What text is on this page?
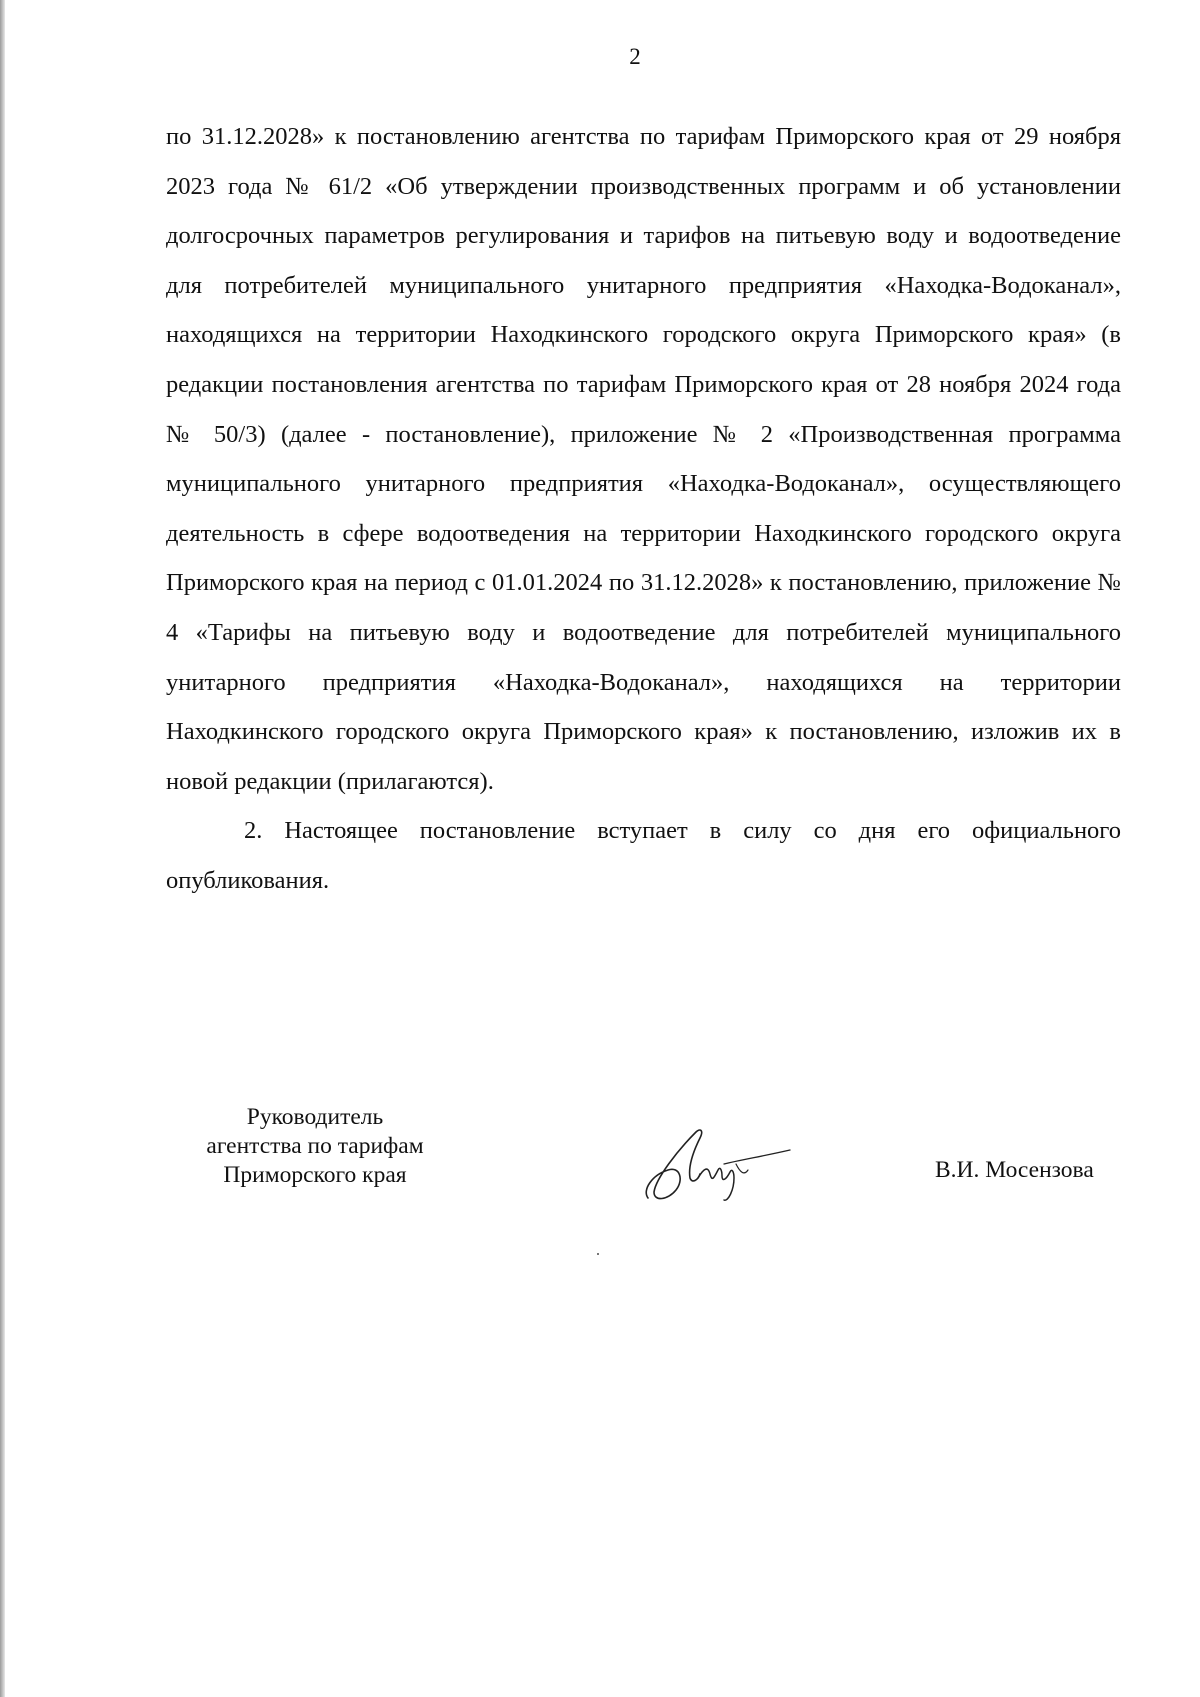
2

по 31.12.2028» к постановлению агентства по тарифам Приморского края от 29 ноября 2023 года № 61/2 «Об утверждении производственных программ и об установлении долгосрочных параметров регулирования и тарифов на питьевую воду и водоотведение для потребителей муниципального унитарного предприятия «Находка-Водоканал», находящихся на территории Находкинского городского округа Приморского края» (в редакции постановления агентства по тарифам Приморского края от 28 ноября 2024 года № 50/3) (далее - постановление), приложение № 2 «Производственная программа муниципального унитарного предприятия «Находка-Водоканал», осуществляющего деятельность в сфере водоотведения на территории Находкинского городского округа Приморского края на период с 01.01.2024 по 31.12.2028» к постановлению, приложение № 4 «Тарифы на питьевую воду и водоотведение для потребителей муниципального унитарного предприятия «Находка-Водоканал», находящихся на территории Находкинского городского округа Приморского края» к постановлению, изложив их в новой редакции (прилагаются).

2. Настоящее постановление вступает в силу со дня его официального опубликования.

Руководитель
агентства по тарифам
Приморского края	В.И. Мосензова
